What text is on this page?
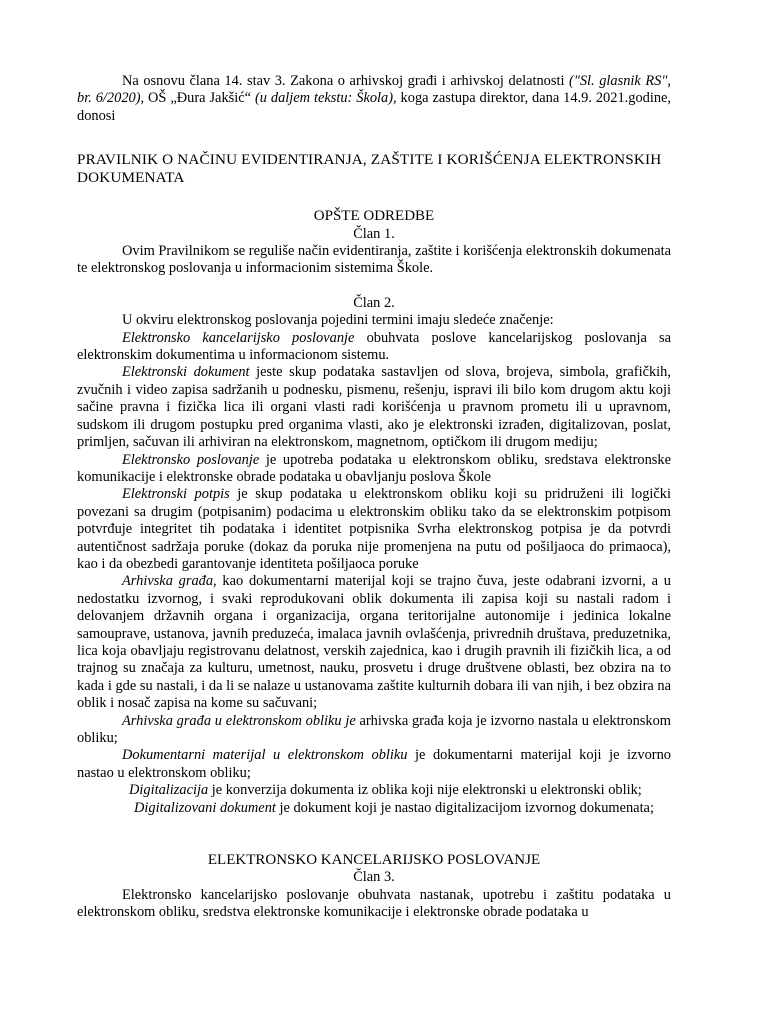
Na osnovu člana 14. stav 3. Zakona o arhivskoj građi i arhivskoj delatnosti ("Sl. glasnik RS", br. 6/2020), OŠ „Đura Jakšić“ (u daljem tekstu: Škola), koga zastupa direktor, dana 14.9. 2021.godine, donosi

PRAVILNIK O NAČINU EVIDENTIRANJA, ZAŠTITE I KORIŠĆENJA ELEKTRONSKIH DOKUMENATA

OPŠTE ODREDBE

Član 1.

Ovim Pravilnikom se reguliše način evidentiranja, zaštite i korišćenja elektronskih dokumenata te elektronskog poslovanja u informacionim sistemima Škole.

Član 2.

U okviru elektronskog poslovanja pojedini termini imaju sledeće značenje:

Elektronsko kancelarijsko poslovanje obuhvata poslove kancelarijskog poslovanja sa elektronskim dokumentima u informacionom sistemu.

Elektronski dokument jeste skup podataka sastavljen od slova, brojeva, simbola, grafičkih, zvučnih i video zapisa sadržanih u podnesku, pismenu, rešenju, ispravi ili bilo kom drugom aktu koji sačine pravna i fizička lica ili organi vlasti radi korišćenja u pravnom prometu ili u upravnom, sudskom ili drugom postupku pred organima vlasti, ako je elektronski izrađen, digitalizovan, poslat, primljen, sačuvan ili arhiviran na elektronskom, magnetnom, optičkom ili drugom mediju;

Elektronsko poslovanje je upotreba podataka u elektronskom obliku, sredstava elektronske komunikacije i elektronske obrade podataka u obavljanju poslova Škole

Elektronski potpis je skup podataka u elektronskom obliku koji su pridruženi ili logički povezani sa drugim (potpisanim) podacima u elektronskim obliku tako da se elektronskim potpisom potvrđuje integritet tih podataka i identitet potpisnika Svrha elektronskog potpisa je da potvrdi autentičnost sadržaja poruke (dokaz da poruka nije promenjena na putu od pošiljaoca do primaoca), kao i da obezbedi garantovanje identiteta pošiljaoca poruke

Arhivska građa, kao dokumentarni materijal koji se trajno čuva, jeste odabrani izvorni, a u nedostatku izvornog, i svaki reprodukovani oblik dokumenta ili zapisa koji su nastali radom i delovanjem državnih organa i organizacija, organa teritorijalne autonomije i jedinica lokalne samouprave, ustanova, javnih preduzeća, imalaca javnih ovlašćenja, privrednih društava, preduzetnika, lica koja obavljaju registrovanu delatnost, verskih zajednica, kao i drugih pravnih ili fizičkih lica, a od trajnog su značaja za kulturu, umetnost, nauku, prosvetu i druge društvene oblasti, bez obzira na to kada i gde su nastali, i da li se nalaze u ustanovama zaštite kulturnih dobara ili van njih, i bez obzira na oblik i nosač zapisa na kome su sačuvani;

Arhivska građa u elektronskom obliku je arhivska građa koja je izvorno nastala u elektronskom obliku;

Dokumentarni materijal u elektronskom obliku je dokumentarni materijal koji je izvorno nastao u elektronskom obliku;

Digitalizacija je konverzija dokumenta iz oblika koji nije elektronski u elektronski oblik;

Digitalizovani dokument je dokument koji je nastao digitalizacijom izvornog dokumenata;

ELEKTRONSKO KANCELARIJSKO POSLOVANJE

Član 3.

Elektronsko kancelarijsko poslovanje obuhvata nastanak, upotrebu i zaštitu podataka u elektronskom obliku, sredstva elektronske komunikacije i elektronske obrade podataka u
